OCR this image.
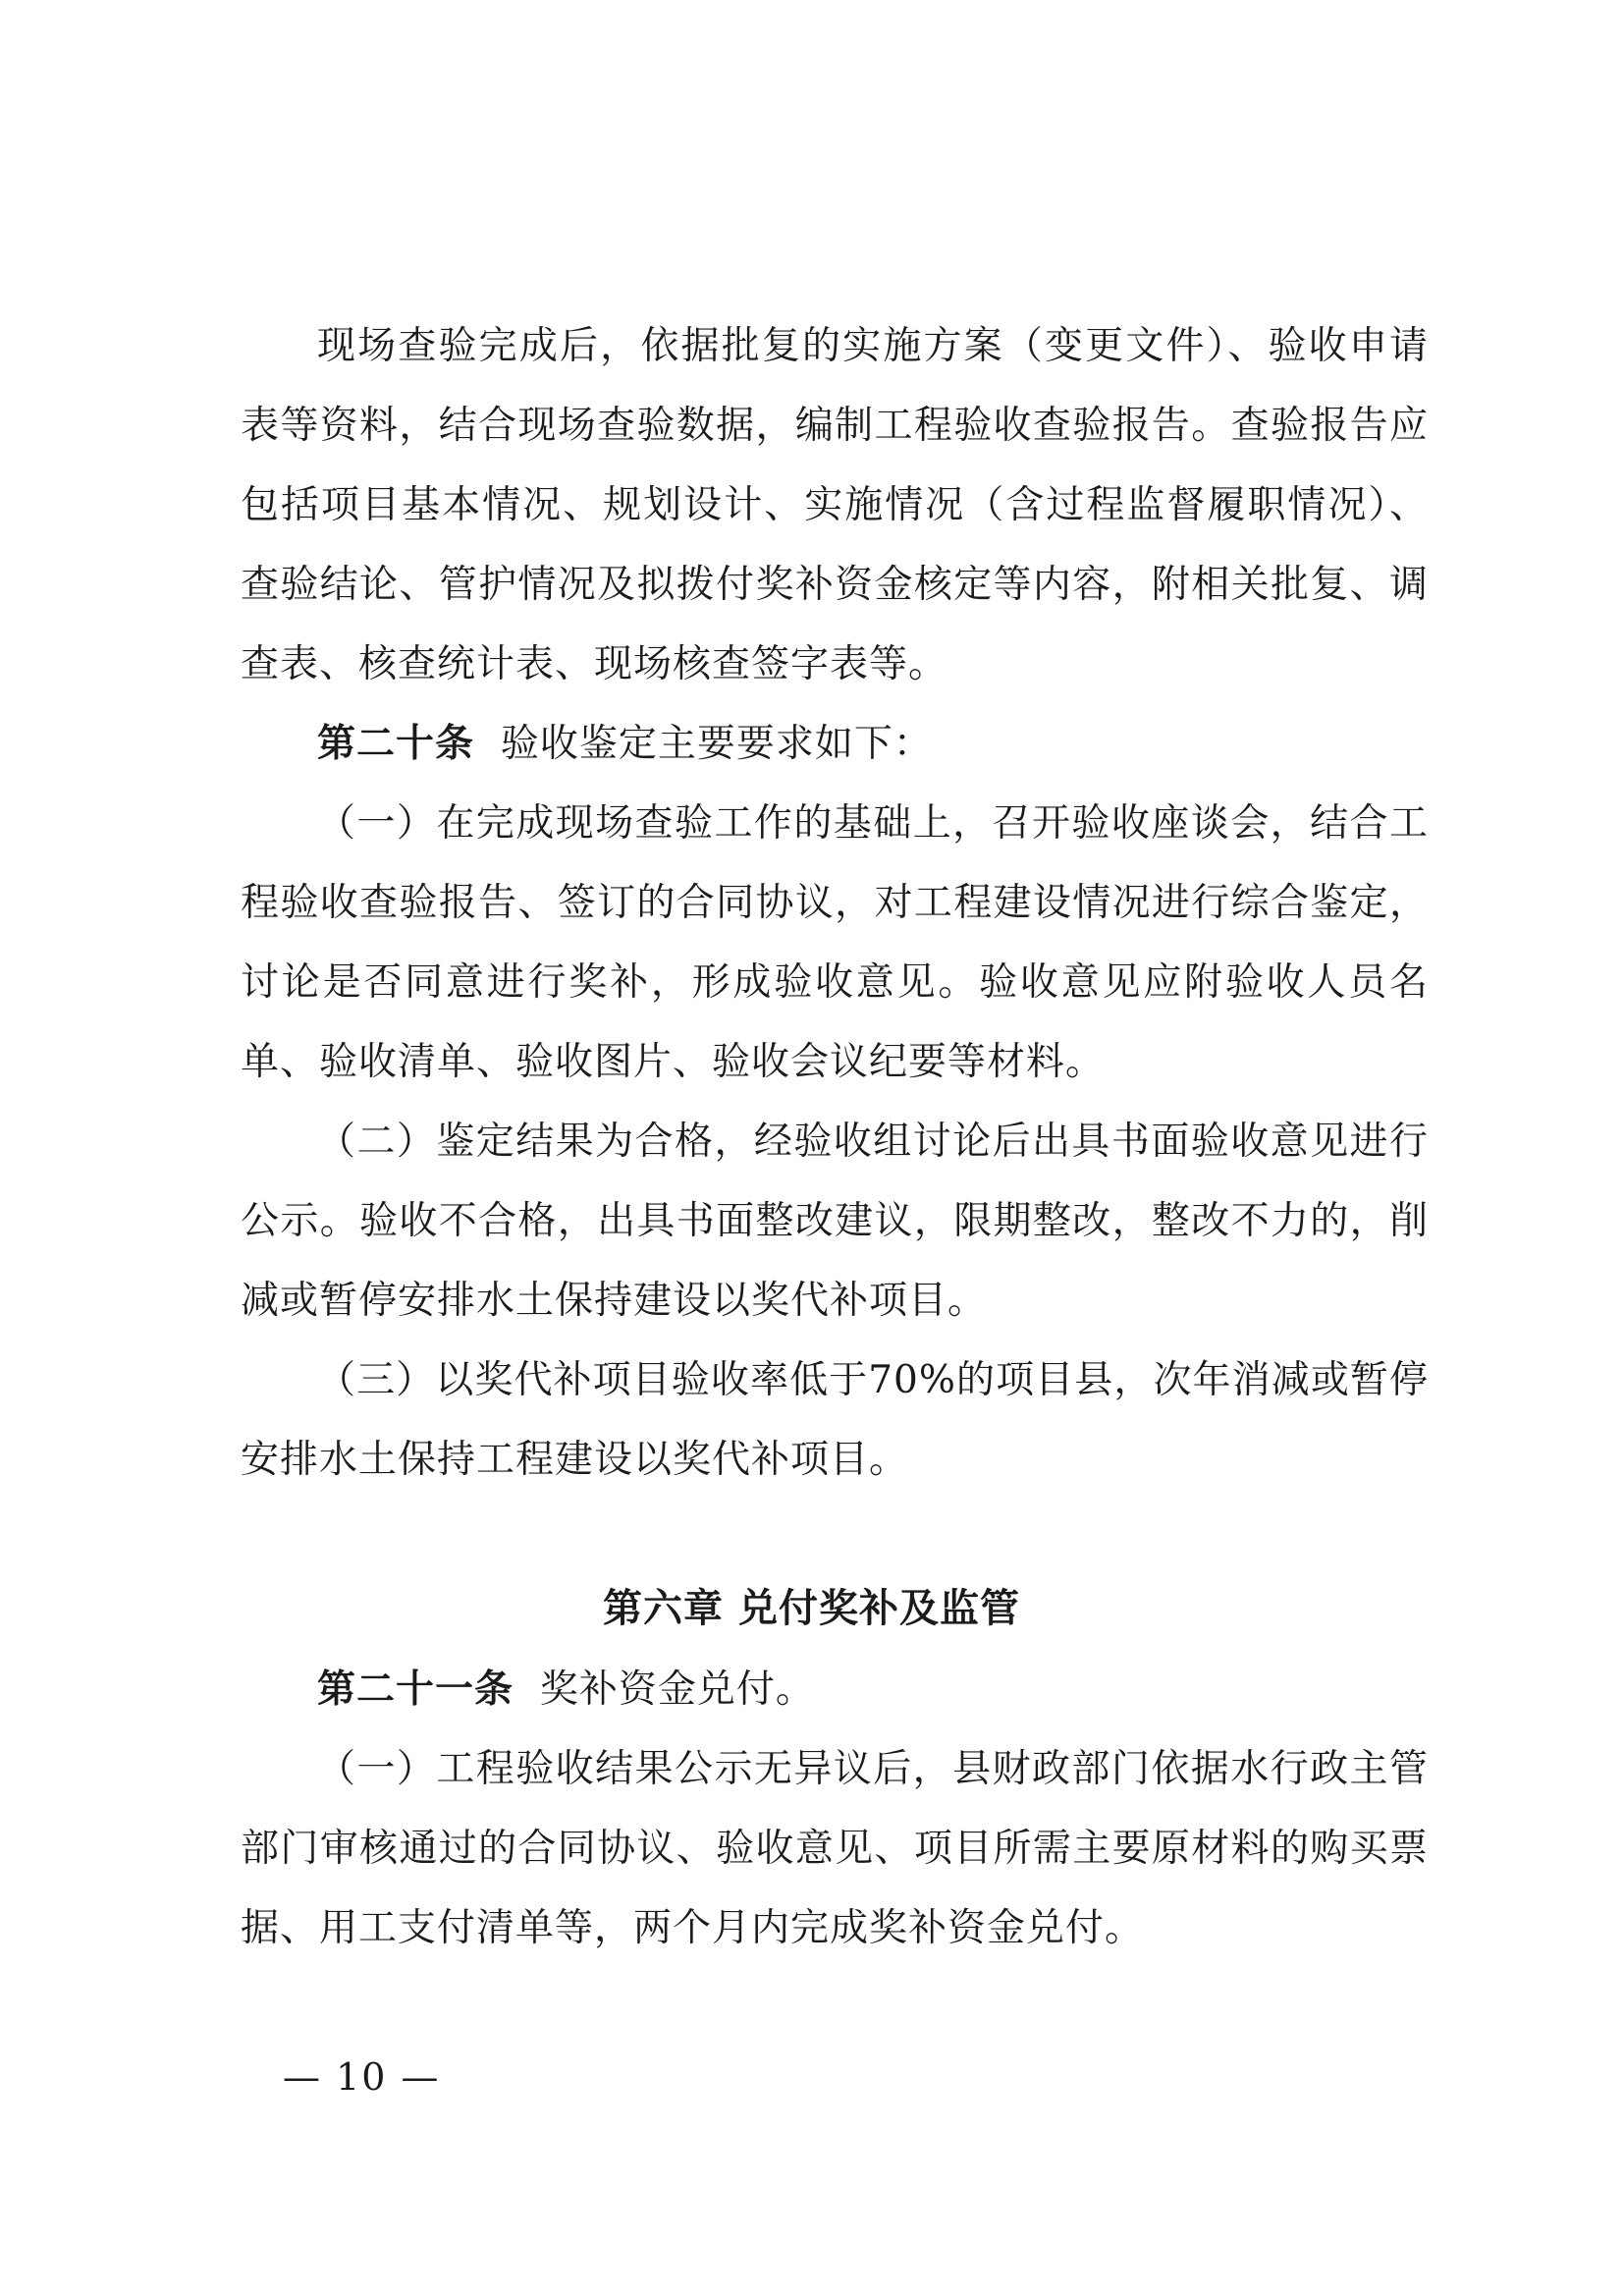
现场查验完成后，依据批复的实施方案（变更文件）、验收申请表等资料，结合现场查验数据，编制工程验收查验报告。查验报告应包括项目基本情况、规划设计、实施情况（含过程监督履职情况）、查验结论、管护情况及拟拨付奖补资金核定等内容，附相关批复、调查表、核查统计表、现场核查签字表等。

第二十条 验收鉴定主要要求如下：

（一）在完成现场查验工作的基础上，召开验收座谈会，结合工程验收查验报告、签订的合同协议，对工程建设情况进行综合鉴定，讨论是否同意进行奖补，形成验收意见。验收意见应附验收人员名单、验收清单、验收图片、验收会议纪要等材料。

（二）鉴定结果为合格，经验收组讨论后出具书面验收意见进行公示。验收不合格，出具书面整改建议，限期整改，整改不力的，削减或暂停安排水土保持建设以奖代补项目。

（三）以奖代补项目验收率低于70%的项目县，次年消减或暂停安排水土保持工程建设以奖代补项目。

第六章 兑付奖补及监管

第二十一条 奖补资金兑付。

（一）工程验收结果公示无异议后，县财政部门依据水行政主管部门审核通过的合同协议、验收意见、项目所需主要原材料的购买票据、用工支付清单等，两个月内完成奖补资金兑付。

— 10 —
